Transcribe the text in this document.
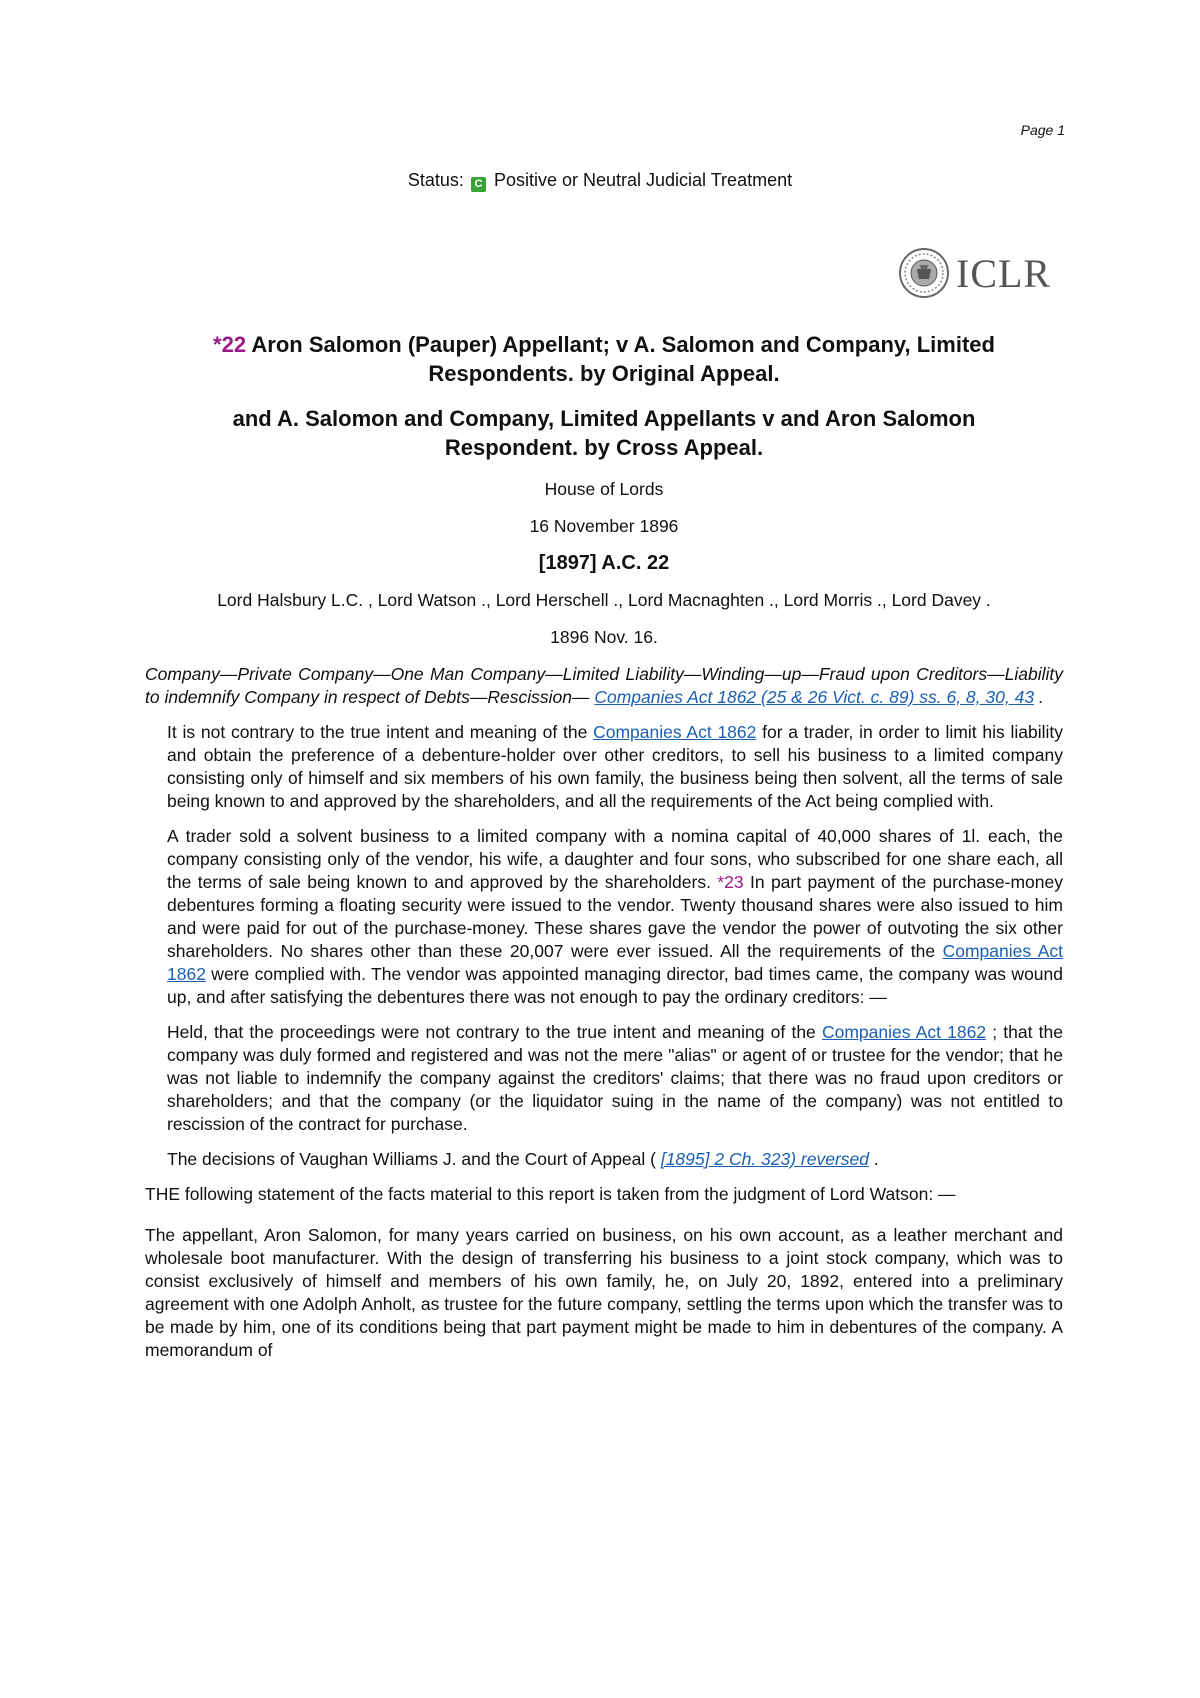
Page 1
Status: C Positive or Neutral Judicial Treatment
ICLR
*22 Aron Salomon (Pauper) Appellant; v A. Salomon and Company, Limited Respondents. by Original Appeal.
and A. Salomon and Company, Limited Appellants v and Aron Salomon Respondent. by Cross Appeal.
House of Lords
16 November 1896
[1897] A.C. 22
Lord Halsbury L.C. , Lord Watson ., Lord Herschell ., Lord Macnaghten ., Lord Morris ., Lord Davey .
1896 Nov. 16.

Company—Private Company—One Man Company—Limited Liability—Winding—up—Fraud upon Creditors—Liability to indemnify Company in respect of Debts—Rescission— Companies Act 1862 (25 & 26 Vict. c. 89) ss. 6, 8, 30, 43 .

It is not contrary to the true intent and meaning of the Companies Act 1862 for a trader, in order to limit his liability and obtain the preference of a debenture-holder over other creditors, to sell his business to a limited company consisting only of himself and six members of his own family, the business being then solvent, all the terms of sale being known to and approved by the shareholders, and all the requirements of the Act being complied with.

A trader sold a solvent business to a limited company with a nomina capital of 40,000 shares of 1l. each, the company consisting only of the vendor, his wife, a daughter and four sons, who subscribed for one share each, all the terms of sale being known to and approved by the shareholders. *23 In part payment of the purchase-money debentures forming a floating security were issued to the vendor. Twenty thousand shares were also issued to him and were paid for out of the purchase-money. These shares gave the vendor the power of outvoting the six other shareholders. No shares other than these 20,007 were ever issued. All the requirements of the Companies Act 1862 were complied with. The vendor was appointed managing director, bad times came, the company was wound up, and after satisfying the debentures there was not enough to pay the ordinary creditors: —

Held, that the proceedings were not contrary to the true intent and meaning of the Companies Act 1862 ; that the company was duly formed and registered and was not the mere "alias" or agent of or trustee for the vendor; that he was not liable to indemnify the company against the creditors' claims; that there was no fraud upon creditors or shareholders; and that the company (or the liquidator suing in the name of the company) was not entitled to rescission of the contract for purchase.

The decisions of Vaughan Williams J. and the Court of Appeal ( [1895] 2 Ch. 323) reversed .

THE following statement of the facts material to this report is taken from the judgment of Lord Watson: —

The appellant, Aron Salomon, for many years carried on business, on his own account, as a leather merchant and wholesale boot manufacturer. With the design of transferring his business to a joint stock company, which was to consist exclusively of himself and members of his own family, he, on July 20, 1892, entered into a preliminary agreement with one Adolph Anholt, as trustee for the future company, settling the terms upon which the transfer was to be made by him, one of its conditions being that part payment might be made to him in debentures of the company. A memorandum of
